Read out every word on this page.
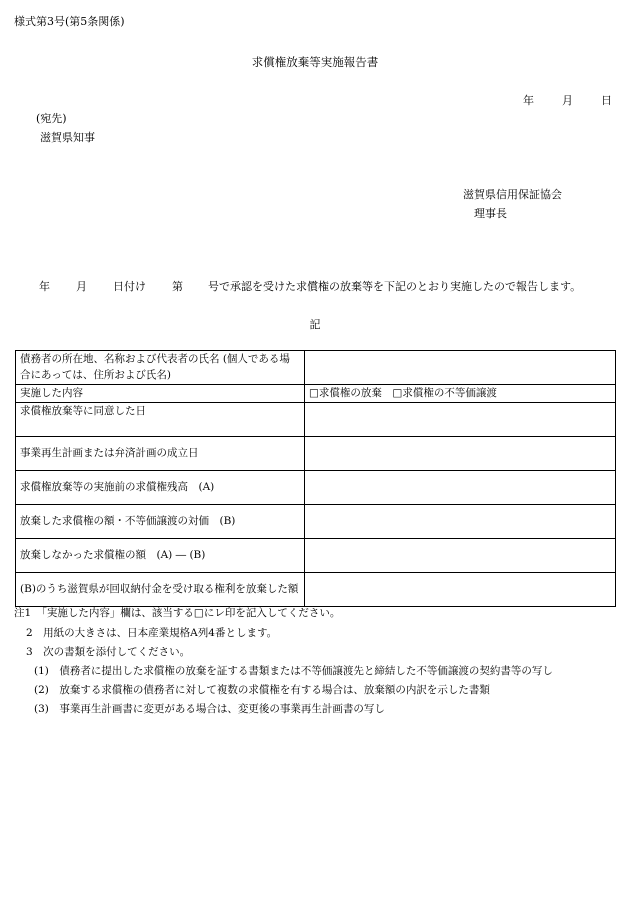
様式第3号(第5条関係)
求償権放棄等実施報告書
年	月	日
(宛先)
滋賀県知事
滋賀県信用保証協会
理事長
年 月 日付け 第 号で承認を受けた求償権の放棄等を下記のとおり実施したので報告します。
記
債務者の所在地、名称および代表者の氏名 (個人である場合にあっては、住所および氏名)	
実施した内容	□求償権の放棄　□求償権の不等価譲渡
求償権放棄等に同意した日	
事業再生計画または弁済計画の成立日	
求償権放棄等の実施前の求償権残高　(A)	
放棄した求償権の額・不等価譲渡の対価　(B)	
放棄しなかった求償権の額　(A) ― (B)	
(B)のうち滋賀県が回収納付金を受け取る権利を放棄した額	
注1　「実施した内容」欄は、該当する□にレ印を記入してください。
2　用紙の大きさは、日本産業規格A列4番とします。
3　次の書類を添付してください。
(1)　債務者に提出した求償権の放棄を証する書類または不等価譲渡先と締結した不等価譲渡の契約書等の写し
(2)　放棄する求償権の債務者に対して複数の求償権を有する場合は、放棄額の内訳を示した書類
(3)　事業再生計画書に変更がある場合は、変更後の事業再生計画書の写し
